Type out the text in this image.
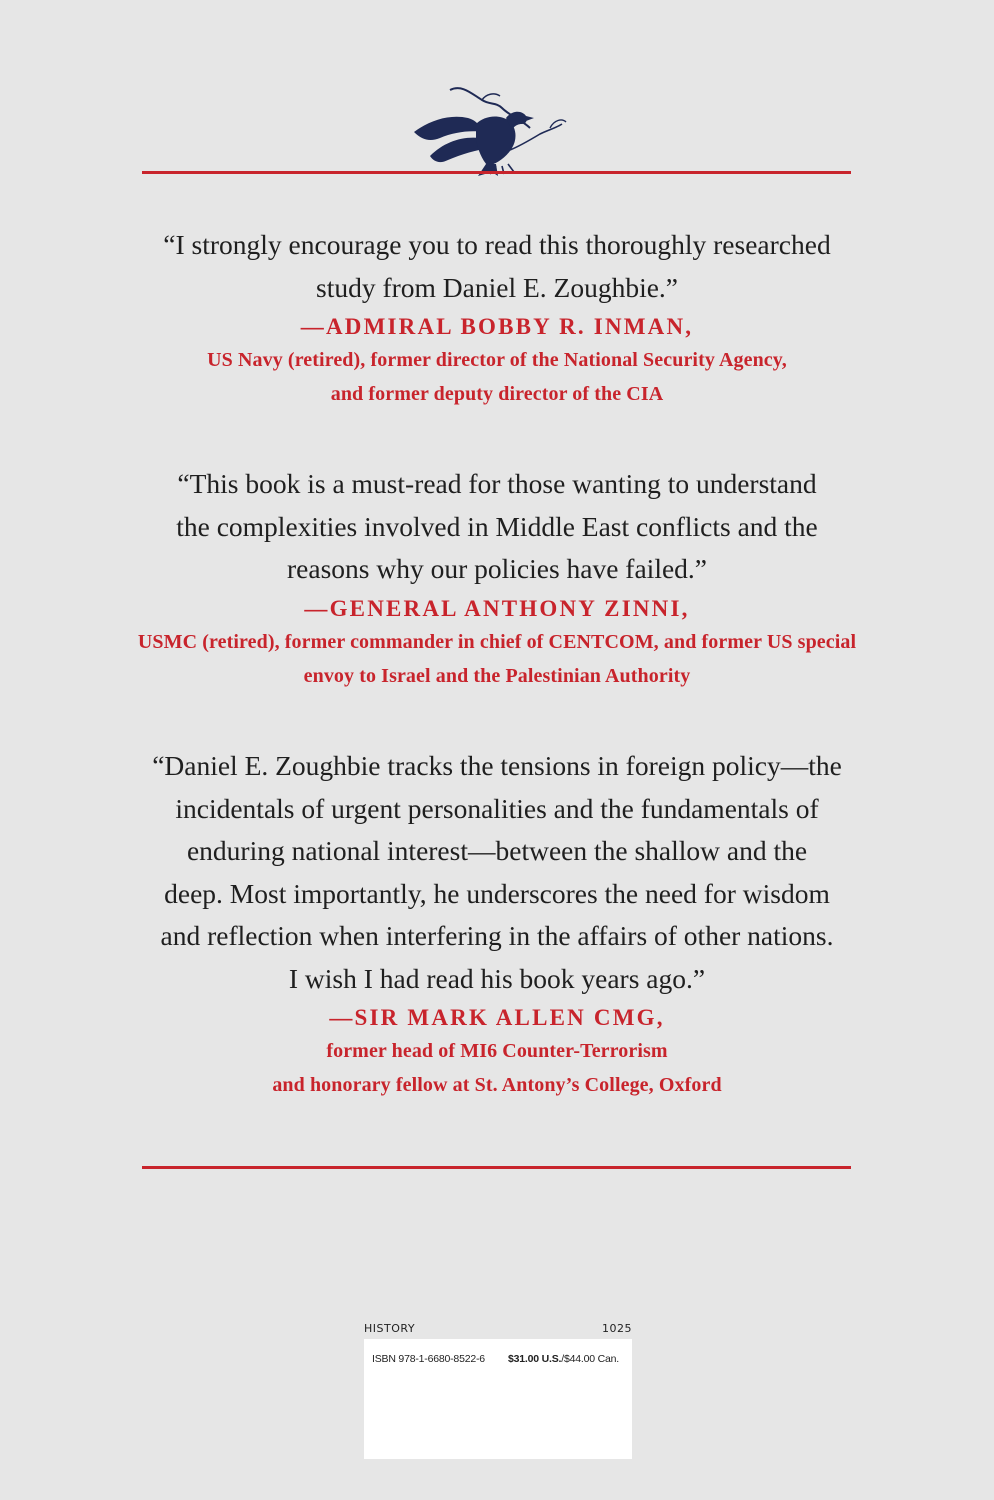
“I strongly encourage you to read this thoroughly researched
study from Daniel E. Zoughbie.”

—ADMIRAL BOBBY R. INMAN,

US Navy (retired), former director of the National Security Agency,
and former deputy director of the CIA

“This book is a must-read for those wanting to understand
the complexities involved in Middle East conflicts and the
reasons why our policies have failed.”

—GENERAL ANTHONY ZINNI,

USMC (retired), former commander in chief of CENTCOM, and former US special
envoy to Israel and the Palestinian Authority

“Daniel E. Zoughbie tracks the tensions in foreign policy—the
incidentals of urgent personalities and the fundamentals of
enduring national interest—between the shallow and the
deep. Most importantly, he underscores the need for wisdom
and reflection when interfering in the affairs of other nations.
I wish I had read his book years ago.”

—SIR MARK ALLEN CMG,

former head of MI6 Counter-Terrorism
and honorary fellow at St. Antony’s College, Oxford

HISTORY	1025
ISBN 978-1-6680-8522-6 $31.00 U.S./$44.00 Can.
